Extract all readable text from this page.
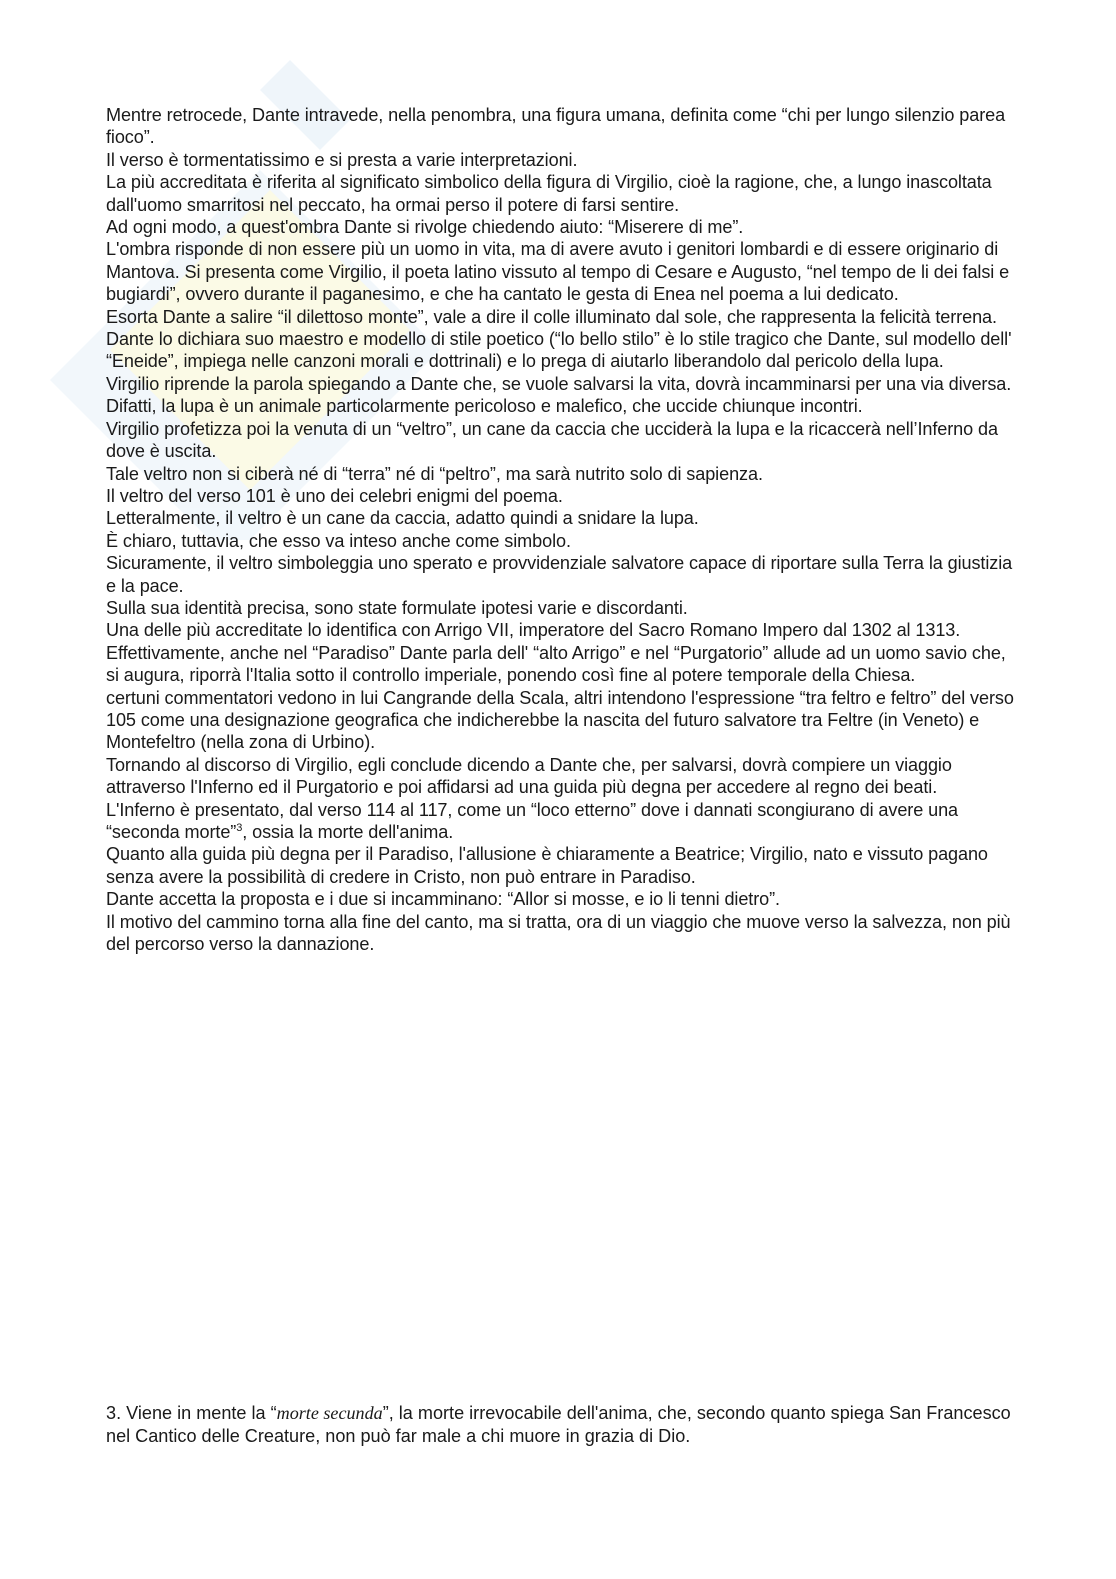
Mentre retrocede, Dante intravede, nella penombra, una figura umana, definita come “chi per lungo silenzio parea fioco”.

Il verso è tormentatissimo e si presta a varie interpretazioni.

La più accreditata è riferita al significato simbolico della figura di Virgilio, cioè la ragione, che, a lungo inascoltata dall'uomo smarritosi nel peccato, ha ormai perso il potere di farsi sentire.

Ad ogni modo, a quest'ombra Dante si rivolge chiedendo aiuto: “Miserere di me”.

L'ombra risponde di non essere più un uomo in vita, ma di avere avuto i genitori lombardi e di essere originario di Mantova. Si presenta come Virgilio, il poeta latino vissuto al tempo di Cesare e Augusto, “nel tempo de li dei falsi e bugiardi”, ovvero durante il paganesimo, e che ha cantato le gesta di Enea nel poema a lui dedicato.

Esorta Dante a salire “il dilettoso monte”, vale a dire il colle illuminato dal sole, che rappresenta la felicità terrena.

Dante lo dichiara suo maestro e modello di stile poetico (“lo bello stilo” è lo stile tragico che Dante, sul modello dell' “Eneide”, impiega nelle canzoni morali e dottrinali) e lo prega di aiutarlo liberandolo dal pericolo della lupa.

Virgilio riprende la parola spiegando a Dante che, se vuole salvarsi la vita, dovrà incamminarsi per una via diversa.

Difatti, la lupa è un animale particolarmente pericoloso e malefico, che uccide chiunque incontri.

Virgilio profetizza poi la venuta di un “veltro”, un cane da caccia che ucciderà la lupa e la ricaccerà nell’Inferno da dove è uscita.

Tale veltro non si ciberà né di “terra” né di “peltro”, ma sarà nutrito solo di sapienza.

Il veltro del verso 101 è uno dei celebri enigmi del poema.

Letteralmente, il veltro è un cane da caccia, adatto quindi a snidare la lupa.

È chiaro, tuttavia, che esso va inteso anche come simbolo.

Sicuramente, il veltro simboleggia uno sperato e provvidenziale salvatore capace di riportare sulla Terra la giustizia e la pace.

Sulla sua identità precisa, sono state formulate ipotesi varie e discordanti.

Una delle più accreditate lo identifica con Arrigo VII, imperatore del Sacro Romano Impero dal 1302 al 1313.

Effettivamente, anche nel “Paradiso” Dante parla dell' “alto Arrigo” e nel “Purgatorio” allude ad un uomo savio che, si augura, riporrà l'Italia sotto il controllo imperiale, ponendo così fine al potere temporale della Chiesa.

certuni commentatori vedono in lui Cangrande della Scala, altri intendono l'espressione “tra feltro e feltro” del verso 105 come una designazione geografica che indicherebbe la nascita del futuro salvatore tra Feltre (in Veneto) e Montefeltro (nella zona di Urbino).

Tornando al discorso di Virgilio, egli conclude dicendo a Dante che, per salvarsi, dovrà compiere un viaggio attraverso l'Inferno ed il Purgatorio e poi affidarsi ad una guida più degna per accedere al regno dei beati.

L'Inferno è presentato, dal verso 114 al 117, come un “loco etterno” dove i dannati scongiurano di avere una “seconda morte”$^3$, ossia la morte dell'anima.

Quanto alla guida più degna per il Paradiso, l'allusione è chiaramente a Beatrice; Virgilio, nato e vissuto pagano senza avere la possibilità di credere in Cristo, non può entrare in Paradiso.

Dante accetta la proposta e i due si incamminano: “Allor si mosse, e io li tenni dietro”.

Il motivo del cammino torna alla fine del canto, ma si tratta, ora di un viaggio che muove verso la salvezza, non più del percorso verso la dannazione.

3. Viene in mente la “morte secunda”, la morte irrevocabile dell'anima, che, secondo quanto spiega San Francesco nel Cantico delle Creature, non può far male a chi muore in grazia di Dio.
